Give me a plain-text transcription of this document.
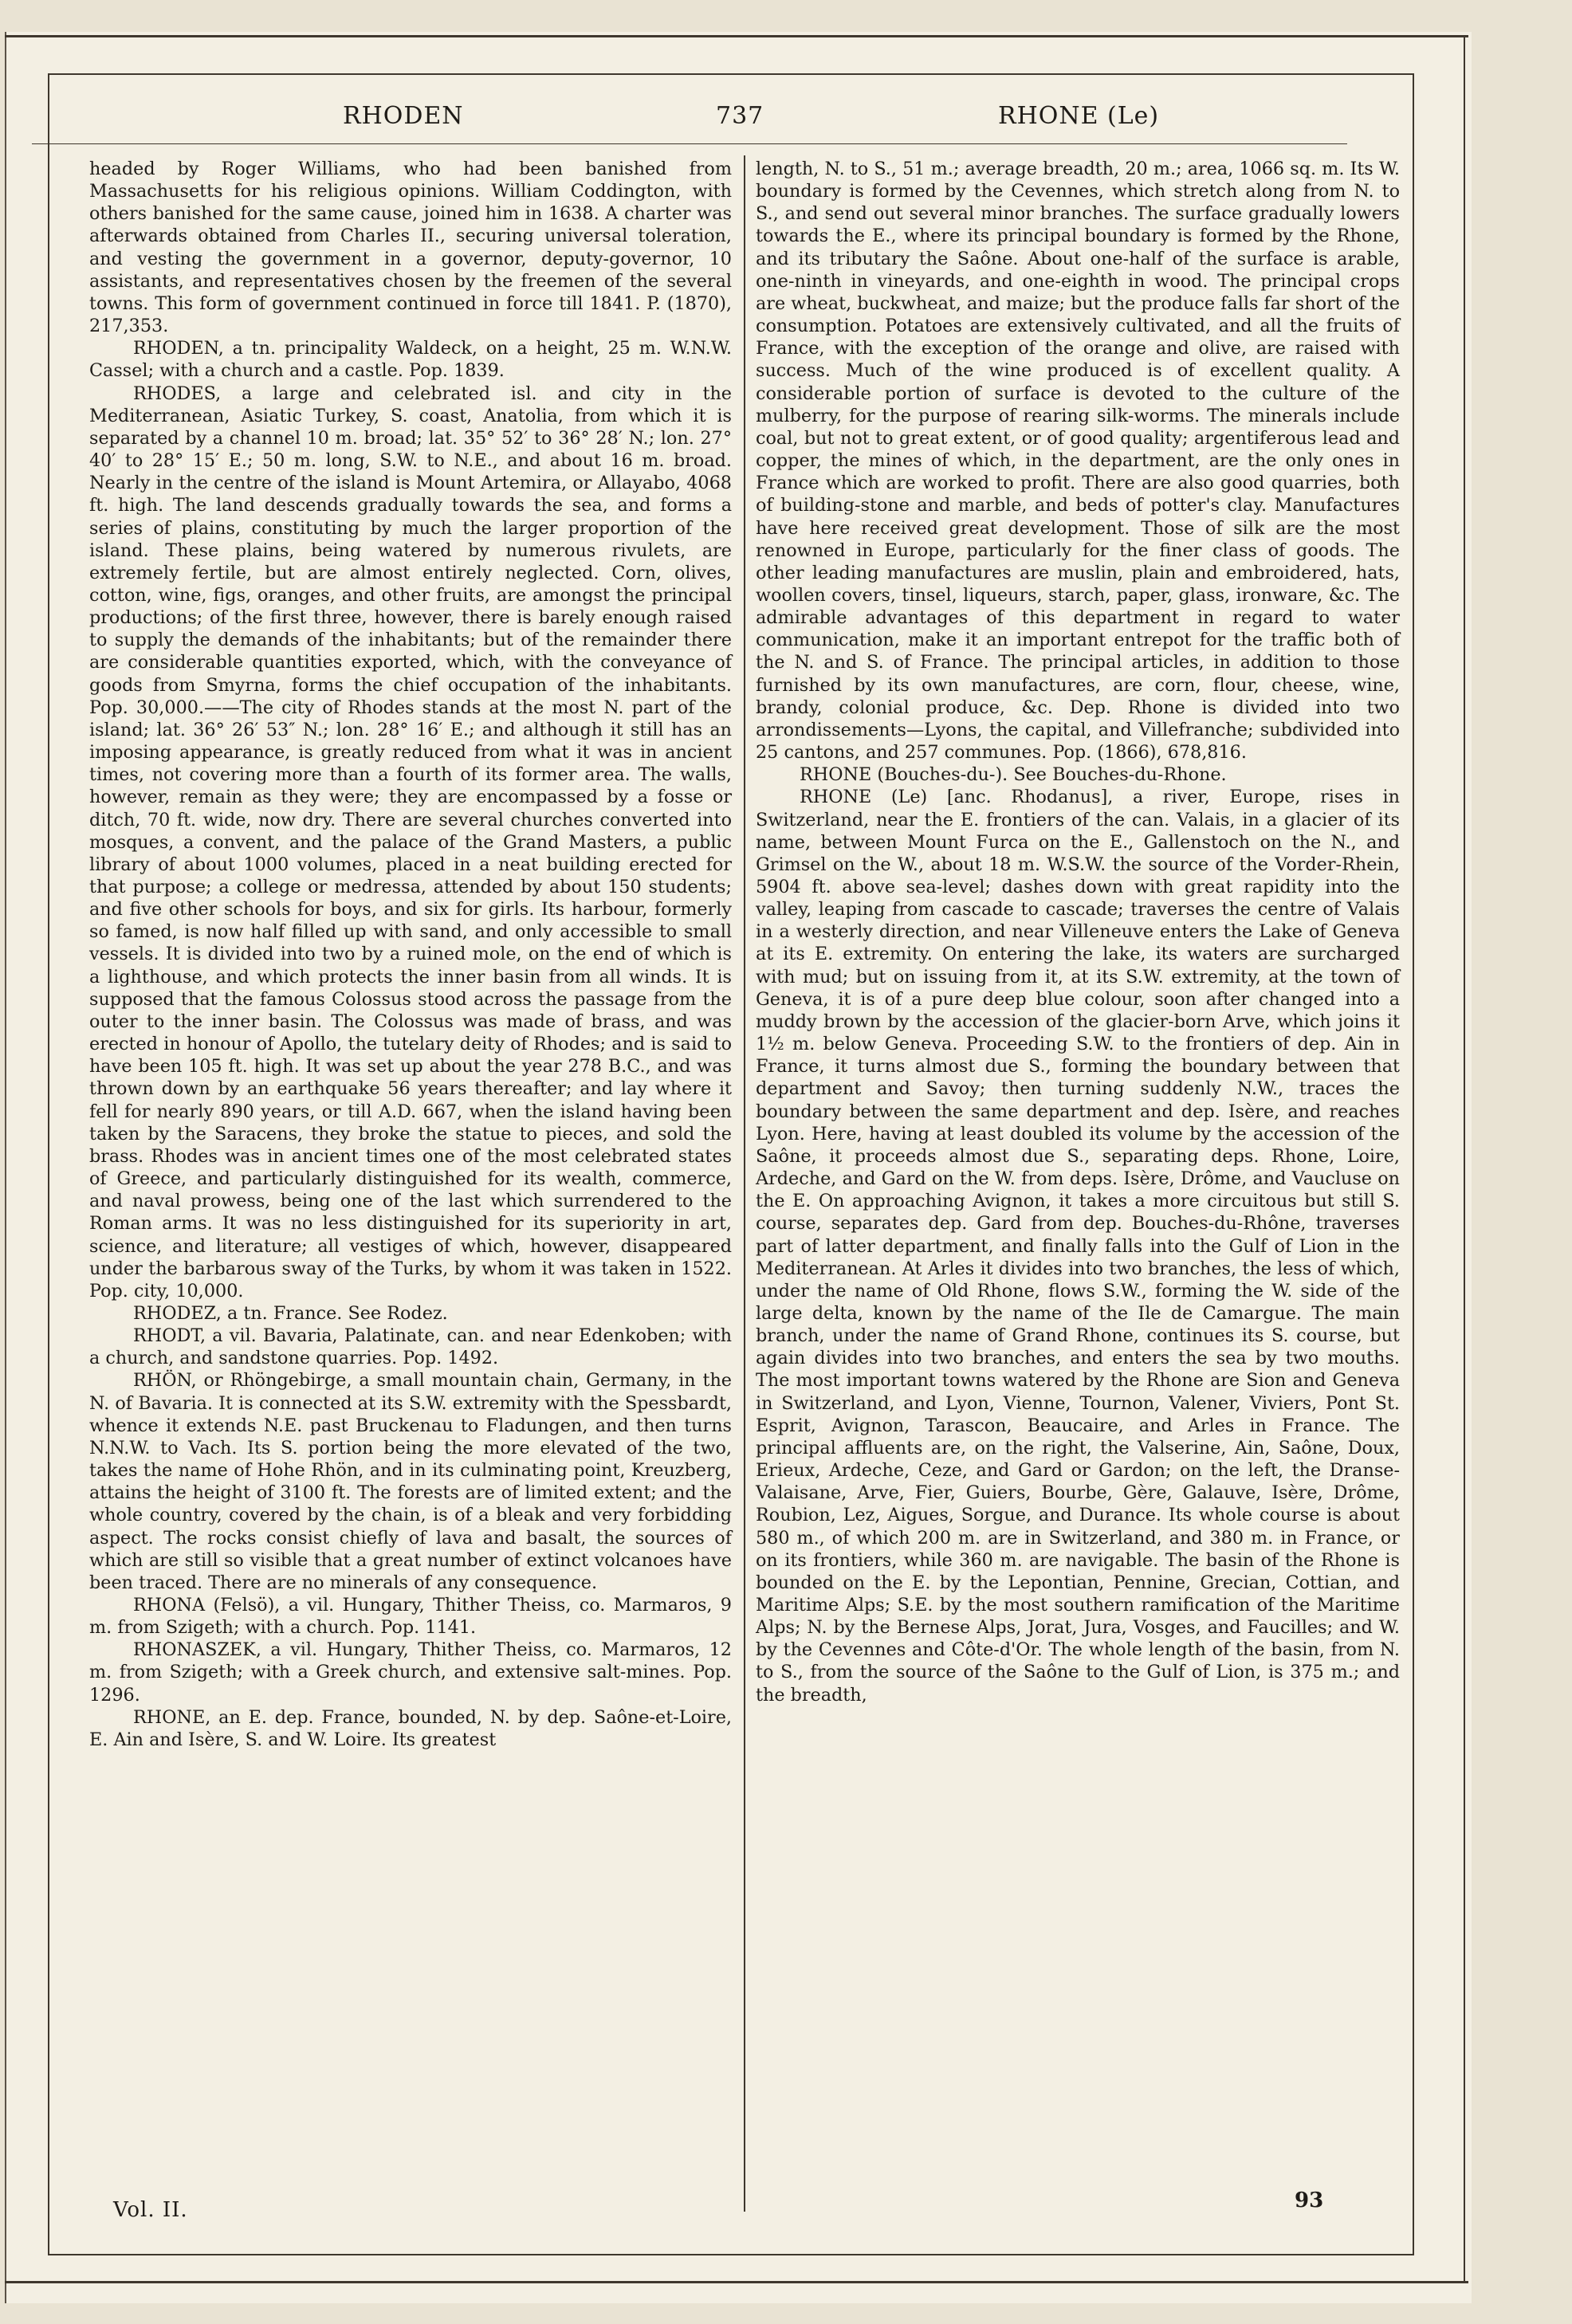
RHODEN	737	RHONE (Le)

headed by Roger Williams, who had been banished from Massachusetts for his religious opinions. William Coddington, with others banished for the same cause, joined him in 1638. A charter was afterwards obtained from Charles II., securing universal toleration, and vesting the government in a governor, deputy-governor, 10 assistants, and representatives chosen by the freemen of the several towns. This form of government continued in force till 1841. P. (1870), 217,353.

RHODEN, a tn. principality Waldeck, on a height, 25 m. W.N.W. Cassel; with a church and a castle. Pop. 1839.

RHODES, a large and celebrated isl. and city in the Mediterranean, Asiatic Turkey, S. coast, Anatolia, from which it is separated by a channel 10 m. broad; lat. 35° 52′ to 36° 28′ N.; lon. 27° 40′ to 28° 15′ E.; 50 m. long, S.W. to N.E., and about 16 m. broad. Nearly in the centre of the island is Mount Artemira, or Allayabo, 4068 ft. high. The land descends gradually towards the sea, and forms a series of plains, constituting by much the larger proportion of the island. These plains, being watered by numerous rivulets, are extremely fertile, but are almost entirely neglected. Corn, olives, cotton, wine, figs, oranges, and other fruits, are amongst the principal productions; of the first three, however, there is barely enough raised to supply the demands of the inhabitants; but of the remainder there are considerable quantities exported, which, with the conveyance of goods from Smyrna, forms the chief occupation of the inhabitants. Pop. 30,000.——The city of Rhodes stands at the most N. part of the island; lat. 36° 26′ 53″ N.; lon. 28° 16′ E.; and although it still has an imposing appearance, is greatly reduced from what it was in ancient times, not covering more than a fourth of its former area. The walls, however, remain as they were; they are encompassed by a fosse or ditch, 70 ft. wide, now dry. There are several churches converted into mosques, a convent, and the palace of the Grand Masters, a public library of about 1000 volumes, placed in a neat building erected for that purpose; a college or medressa, attended by about 150 students; and five other schools for boys, and six for girls. Its harbour, formerly so famed, is now half filled up with sand, and only accessible to small vessels. It is divided into two by a ruined mole, on the end of which is a lighthouse, and which protects the inner basin from all winds. It is supposed that the famous Colossus stood across the passage from the outer to the inner basin. The Colossus was made of brass, and was erected in honour of Apollo, the tutelary deity of Rhodes; and is said to have been 105 ft. high. It was set up about the year 278 B.C., and was thrown down by an earthquake 56 years thereafter; and lay where it fell for nearly 890 years, or till A.D. 667, when the island having been taken by the Saracens, they broke the statue to pieces, and sold the brass. Rhodes was in ancient times one of the most celebrated states of Greece, and particularly distinguished for its wealth, commerce, and naval prowess, being one of the last which surrendered to the Roman arms. It was no less distinguished for its superiority in art, science, and literature; all vestiges of which, however, disappeared under the barbarous sway of the Turks, by whom it was taken in 1522. Pop. city, 10,000.

RHODEZ, a tn. France. See Rodez.

RHODT, a vil. Bavaria, Palatinate, can. and near Edenkoben; with a church, and sandstone quarries. Pop. 1492.

RHÖN, or Rhöngebirge, a small mountain chain, Germany, in the N. of Bavaria. It is connected at its S.W. extremity with the Spessbardt, whence it extends N.E. past Bruckenau to Fladungen, and then turns N.N.W. to Vach. Its S. portion being the more elevated of the two, takes the name of Hohe Rhön, and in its culminating point, Kreuzberg, attains the height of 3100 ft. The forests are of limited extent; and the whole country, covered by the chain, is of a bleak and very forbidding aspect. The rocks consist chiefly of lava and basalt, the sources of which are still so visible that a great number of extinct volcanoes have been traced. There are no minerals of any consequence.

RHONA (Felsö), a vil. Hungary, Thither Theiss, co. Marmaros, 9 m. from Szigeth; with a church. Pop. 1141.

RHONASZEK, a vil. Hungary, Thither Theiss, co. Marmaros, 12 m. from Szigeth; with a Greek church, and extensive salt-mines. Pop. 1296.

RHONE, an E. dep. France, bounded, N. by dep. Saône-et-Loire, E. Ain and Isère, S. and W. Loire. Its greatest

length, N. to S., 51 m.; average breadth, 20 m.; area, 1066 sq. m. Its W. boundary is formed by the Cevennes, which stretch along from N. to S., and send out several minor branches. The surface gradually lowers towards the E., where its principal boundary is formed by the Rhone, and its tributary the Saône. About one-half of the surface is arable, one-ninth in vineyards, and one-eighth in wood. The principal crops are wheat, buckwheat, and maize; but the produce falls far short of the consumption. Potatoes are extensively cultivated, and all the fruits of France, with the exception of the orange and olive, are raised with success. Much of the wine produced is of excellent quality. A considerable portion of surface is devoted to the culture of the mulberry, for the purpose of rearing silk-worms. The minerals include coal, but not to great extent, or of good quality; argentiferous lead and copper, the mines of which, in the department, are the only ones in France which are worked to profit. There are also good quarries, both of building-stone and marble, and beds of potter's clay. Manufactures have here received great development. Those of silk are the most renowned in Europe, particularly for the finer class of goods. The other leading manufactures are muslin, plain and embroidered, hats, woollen covers, tinsel, liqueurs, starch, paper, glass, ironware, &c. The admirable advantages of this department in regard to water communication, make it an important entrepot for the traffic both of the N. and S. of France. The principal articles, in addition to those furnished by its own manufactures, are corn, flour, cheese, wine, brandy, colonial produce, &c. Dep. Rhone is divided into two arrondissements—Lyons, the capital, and Villefranche; subdivided into 25 cantons, and 257 communes. Pop. (1866), 678,816.

RHONE (Bouches-du-). See Bouches-du-Rhone.

RHONE (Le) [anc. Rhodanus], a river, Europe, rises in Switzerland, near the E. frontiers of the can. Valais, in a glacier of its name, between Mount Furca on the E., Gallenstoch on the N., and Grimsel on the W., about 18 m. W.S.W. the source of the Vorder-Rhein, 5904 ft. above sea-level; dashes down with great rapidity into the valley, leaping from cascade to cascade; traverses the centre of Valais in a westerly direction, and near Villeneuve enters the Lake of Geneva at its E. extremity. On entering the lake, its waters are surcharged with mud; but on issuing from it, at its S.W. extremity, at the town of Geneva, it is of a pure deep blue colour, soon after changed into a muddy brown by the accession of the glacier-born Arve, which joins it 1½ m. below Geneva. Proceeding S.W. to the frontiers of dep. Ain in France, it turns almost due S., forming the boundary between that department and Savoy; then turning suddenly N.W., traces the boundary between the same department and dep. Isère, and reaches Lyon. Here, having at least doubled its volume by the accession of the Saône, it proceeds almost due S., separating deps. Rhone, Loire, Ardeche, and Gard on the W. from deps. Isère, Drôme, and Vaucluse on the E. On approaching Avignon, it takes a more circuitous but still S. course, separates dep. Gard from dep. Bouches-du-Rhône, traverses part of latter department, and finally falls into the Gulf of Lion in the Mediterranean. At Arles it divides into two branches, the less of which, under the name of Old Rhone, flows S.W., forming the W. side of the large delta, known by the name of the Ile de Camargue. The main branch, under the name of Grand Rhone, continues its S. course, but again divides into two branches, and enters the sea by two mouths. The most important towns watered by the Rhone are Sion and Geneva in Switzerland, and Lyon, Vienne, Tournon, Valener, Viviers, Pont St. Esprit, Avignon, Tarascon, Beaucaire, and Arles in France. The principal affluents are, on the right, the Valserine, Ain, Saône, Doux, Erieux, Ardeche, Ceze, and Gard or Gardon; on the left, the Dranse-Valaisane, Arve, Fier, Guiers, Bourbe, Gère, Galauve, Isère, Drôme, Roubion, Lez, Aigues, Sorgue, and Durance. Its whole course is about 580 m., of which 200 m. are in Switzerland, and 380 m. in France, or on its frontiers, while 360 m. are navigable. The basin of the Rhone is bounded on the E. by the Lepontian, Pennine, Grecian, Cottian, and Maritime Alps; S.E. by the most southern ramification of the Maritime Alps; N. by the Bernese Alps, Jorat, Jura, Vosges, and Faucilles; and W. by the Cevennes and Côte-d'Or. The whole length of the basin, from N. to S., from the source of the Saône to the Gulf of Lion, is 375 m.; and the breadth,

Vol. II.	93
